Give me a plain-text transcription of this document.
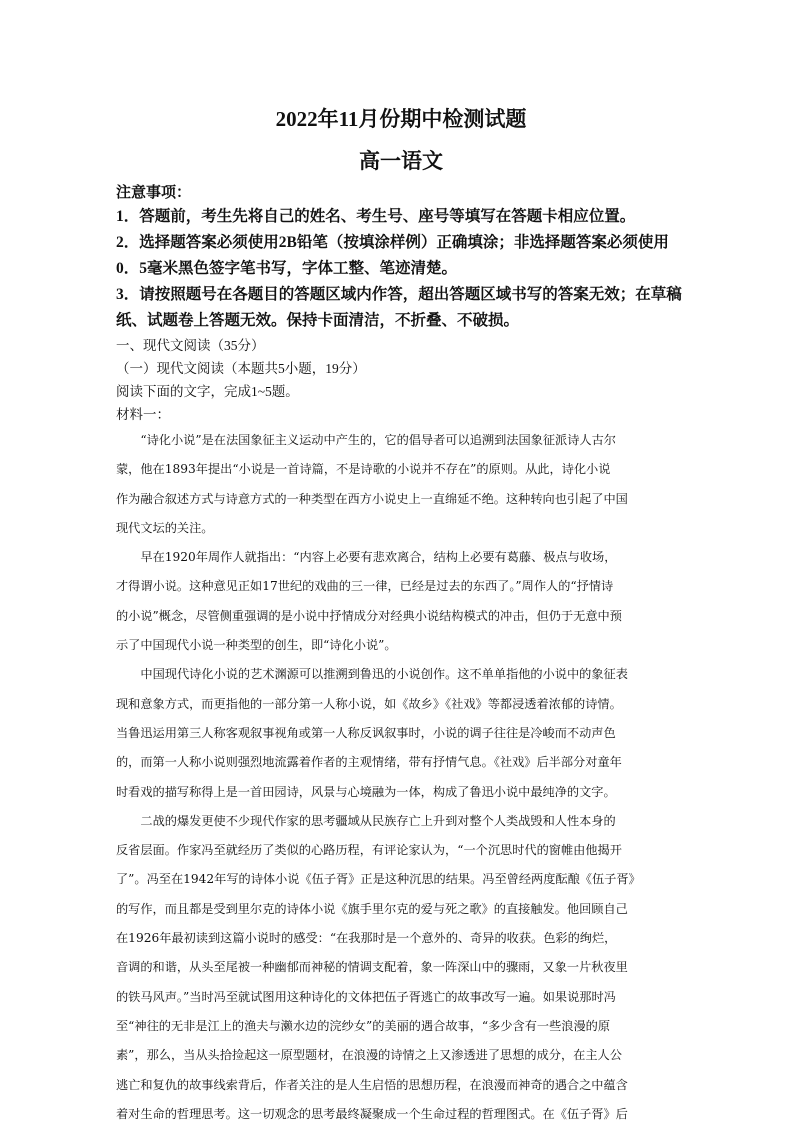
2022年11月份期中检测试题
高一语文

注意事项：

1．答题前，考生先将自己的姓名、考生号、座号等填写在答题卡相应位置。

2．选择题答案必须使用2B铅笔（按填涂样例）正确填涂；非选择题答案必须使用

0．5毫米黑色签字笔书写，字体工整、笔迹清楚。

3．请按照题号在各题目的答题区域内作答，超出答题区域书写的答案无效；在草稿

纸、试题卷上答题无效。保持卡面清洁，不折叠、不破损。

一、现代文阅读（35分）

（一）现代文阅读（本题共5小题，19分）

阅读下面的文字，完成1~5题。

材料一：

“诗化小说”是在法国象征主义运动中产生的，它的倡导者可以追溯到法国象征派诗人古尔
蒙，他在1893年提出“小说是一首诗篇，不是诗歌的小说并不存在”的原则。从此，诗化小说
作为融合叙述方式与诗意方式的一种类型在西方小说史上一直绵延不绝。这种转向也引起了中国
现代文坛的关注。
早在1920年周作人就指出：“内容上必要有悲欢离合，结构上必要有葛藤、极点与收场，
才得谓小说。这种意见正如17世纪的戏曲的三一律，已经是过去的东西了。”周作人的“抒情诗
的小说”概念，尽管侧重强调的是小说中抒情成分对经典小说结构模式的冲击，但仍于无意中预
示了中国现代小说一种类型的创生，即“诗化小说”。
中国现代诗化小说的艺术渊源可以推溯到鲁迅的小说创作。这不单单指他的小说中的象征表
现和意象方式，而更指他的一部分第一人称小说，如《故乡》《社戏》等都浸透着浓郁的诗情。
当鲁迅运用第三人称客观叙事视角或第一人称反讽叙事时，小说的调子往往是冷峻而不动声色
的，而第一人称小说则强烈地流露着作者的主观情绪，带有抒情气息。《社戏》后半部分对童年
时看戏的描写称得上是一首田园诗，风景与心境融为一体，构成了鲁迅小说中最纯净的文字。
二战的爆发更使不少现代作家的思考疆域从民族存亡上升到对整个人类战毁和人性本身的
反省层面。作家冯至就经历了类似的心路历程，有评论家认为，“一个沉思时代的窗帷由他揭开
了”。冯至在1942年写的诗体小说《伍子胥》正是这种沉思的结果。冯至曾经两度酝酿《伍子胥》
的写作，而且都是受到里尔克的诗体小说《旗手里尔克的爱与死之歌》的直接触发。他回顾自己
在1926年最初读到这篇小说时的感受：“在我那时是一个意外的、奇异的收获。色彩的绚烂，
音调的和谐，从头至尾被一种幽郁而神秘的情调支配着，象一阵深山中的骤雨，又象一片秋夜里
的铁马风声。”当时冯至就试图用这种诗化的文体把伍子胥逃亡的故事改写一遍。如果说那时冯
至“神往的无非是江上的渔夫与濑水边的浣纱女”的美丽的遇合故事，“多少含有一些浪漫的原
素”，那么，当从头拾捡起这一原型题材，在浪漫的诗情之上又渗透进了思想的成分，在主人公
逃亡和复仇的故事线索背后，作者关注的是人生启悟的思想历程，在浪漫而神奇的遇合之中蕴含
着对生命的哲理思考。这一切观念的思考最终凝聚成一个生命过程的哲理图式。在《伍子胥》后
